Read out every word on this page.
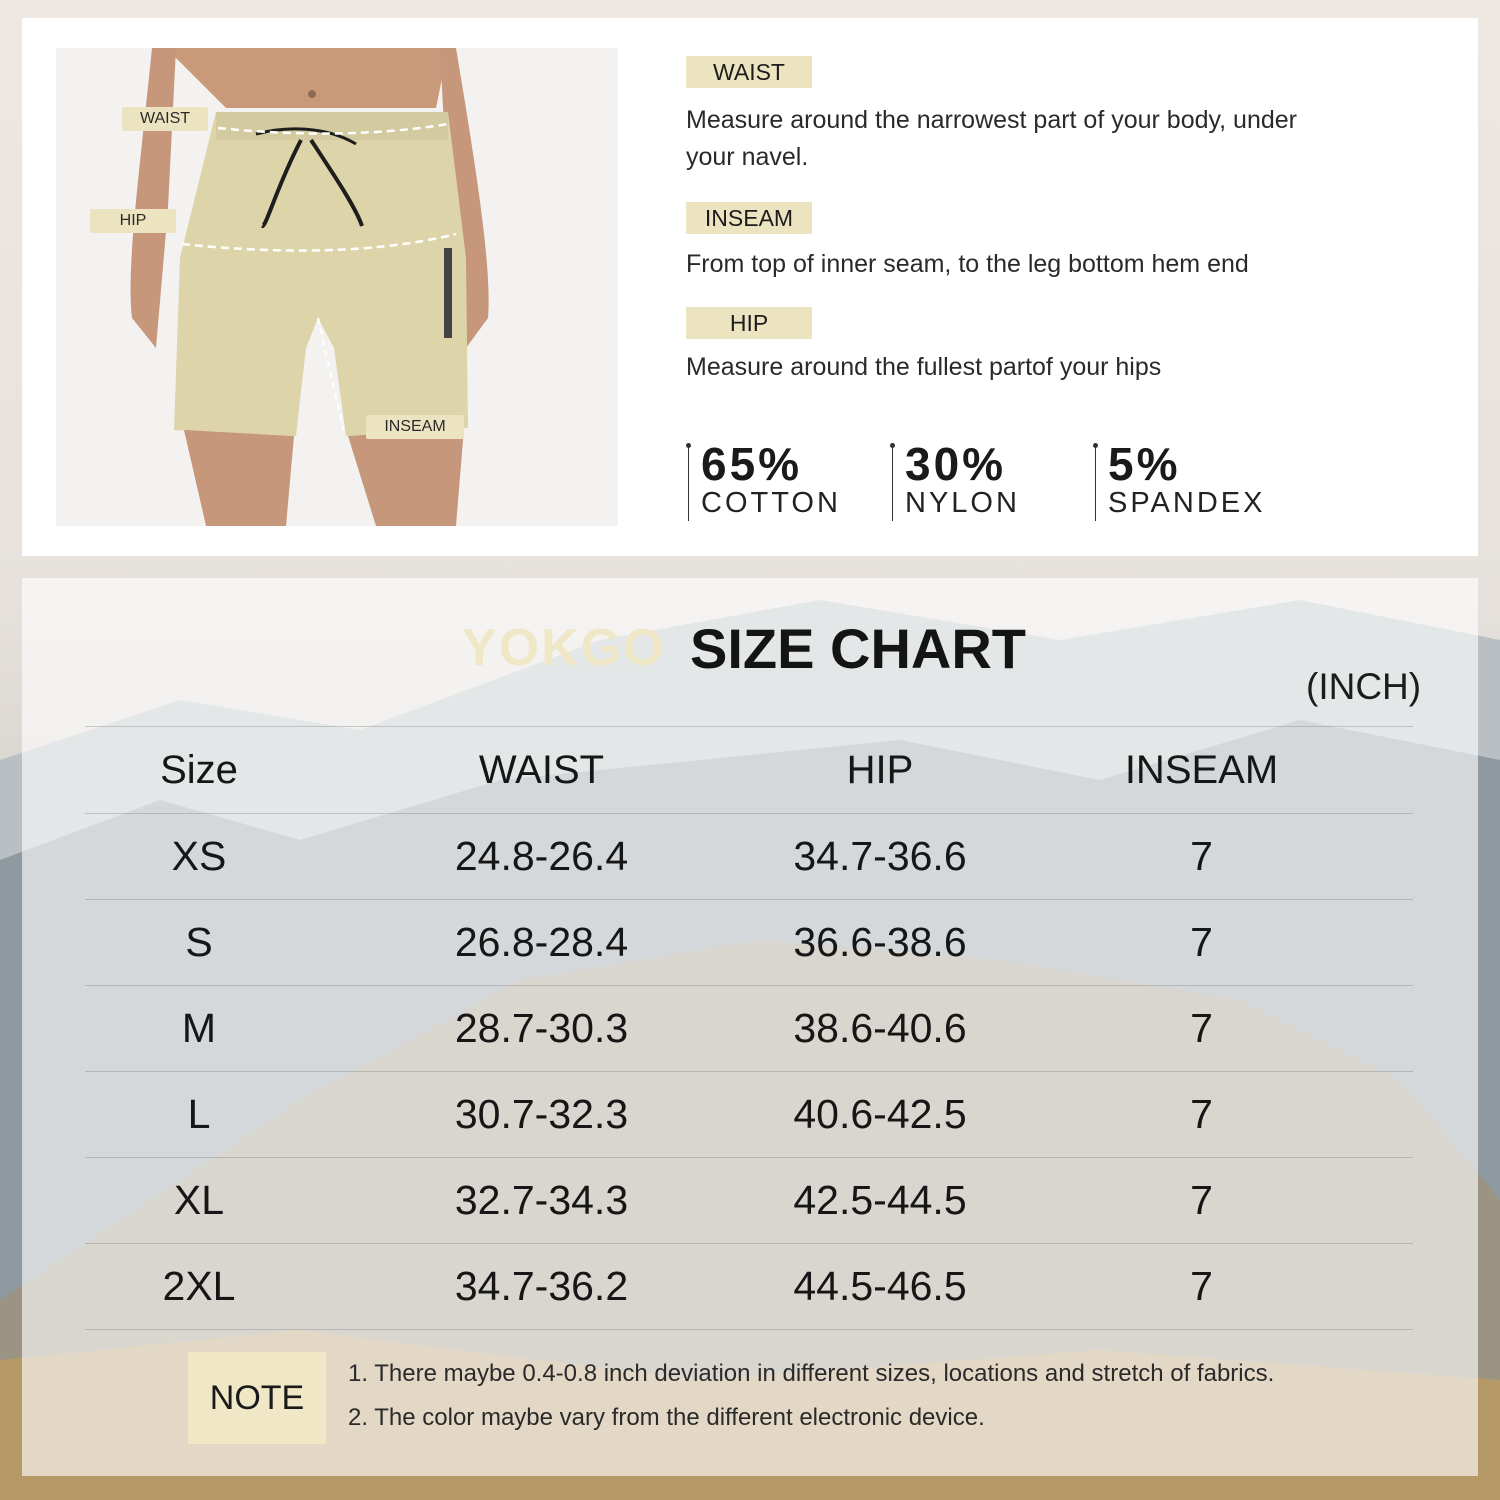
WAIST
HIP
INSEAM
WAIST
Measure around the narrowest part of your body, under your navel.
INSEAM
From top of inner seam, to the leg bottom hem end
HIP
Measure around the fullest partof your hips
65%
COTTON
30%
NYLON
5%
SPANDEX
YOKGO SIZE CHART
(INCH)
Size	WAIST	HIP	INSEAM
XS	24.8-26.4	34.7-36.6	7
S	26.8-28.4	36.6-38.6	7
M	28.7-30.3	38.6-40.6	7
L	30.7-32.3	40.6-42.5	7
XL	32.7-34.3	42.5-44.5	7
2XL	34.7-36.2	44.5-46.5	7
NOTE
1. There maybe 0.4-0.8 inch deviation in different sizes, locations and stretch of fabrics.
2. The color maybe vary from the different electronic device.
